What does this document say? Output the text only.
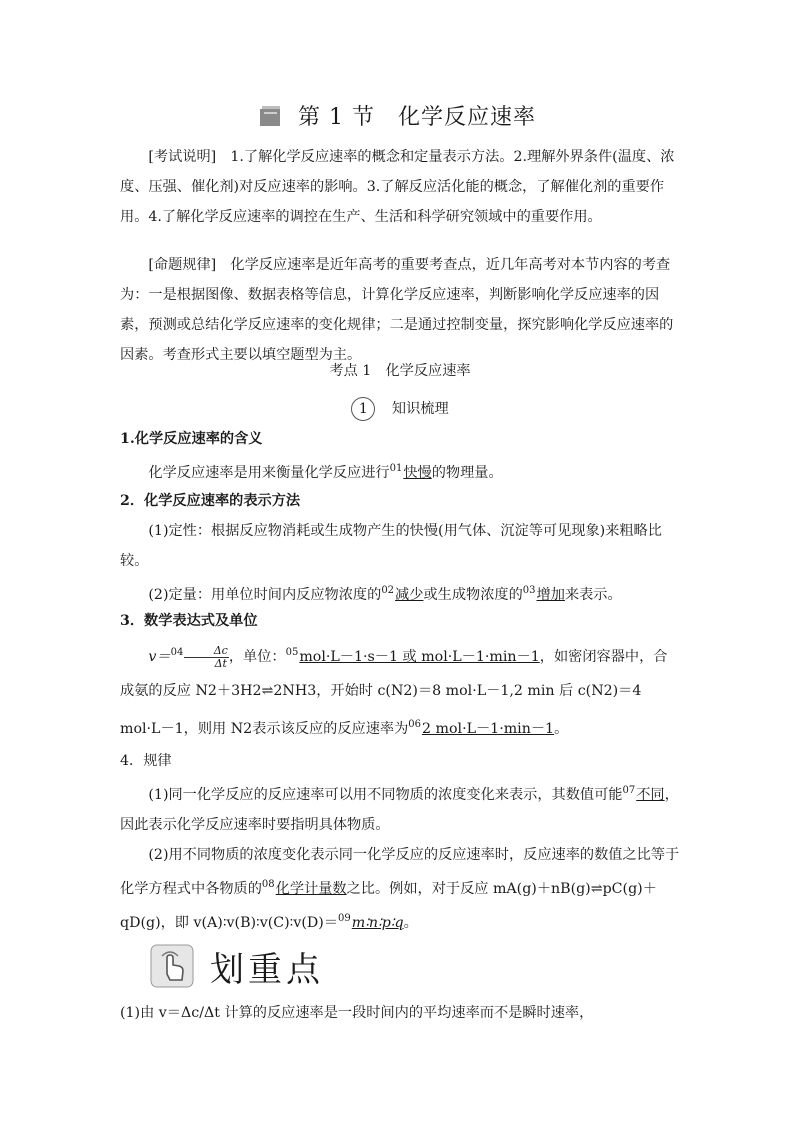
第 1 节　化学反应速率
[考试说明]　1.了解化学反应速率的概念和定量表示方法。2.理解外界条件(温度、浓度、压强、催化剂)对反应速率的影响。3.了解反应活化能的概念，了解催化剂的重要作用。4.了解化学反应速率的调控在生产、生活和科学研究领域中的重要作用。
[命题规律]　化学反应速率是近年高考的重要考查点，近几年高考对本节内容的考查为：一是根据图像、数据表格等信息，计算化学反应速率，判断影响化学反应速率的因素，预测或总结化学反应速率的变化规律；二是通过控制变量，探究影响化学反应速率的因素。考查形式主要以填空题型为主。
考点 1　化学反应速率
1 知识梳理
1.化学反应速率的含义
化学反应速率是用来衡量化学反应进行$^{01}$快慢的物理量。
2．化学反应速率的表示方法
(1)定性：根据反应物消耗或生成物产生的快慢(用气体、沉淀等可见现象)来粗略比较。
(2)定量：用单位时间内反应物浓度的$^{02}$减少或生成物浓度的$^{03}$增加来表示。
3．数学表达式及单位
$v=^{04} \frac{\Delta c}{\Delta t}$ ，单位：$^{05}$mol·L－1·s－1 或 mol·L－1·min－1，如密闭容器中，合成氨的反应 N2＋3H2⇌2NH3，开始时 c(N2)＝8 mol·L－1,2 min 后 c(N2)＝4 mol·L－1，则用 N2表示该反应的反应速率为$^{06}$2 mol·L－1·min－1。
4．规律
(1)同一化学反应的反应速率可以用不同物质的浓度变化来表示，其数值可能$^{07}$不同，因此表示化学反应速率时要指明具体物质。
(2)用不同物质的浓度变化表示同一化学反应的反应速率时，反应速率的数值之比等于化学方程式中各物质的$^{08}$化学计量数之比。例如，对于反应 mA(g)＋nB(g)⇌pC(g)＋qD(g)，即 v(A)∶v(B)∶v(C)∶v(D)＝$^{09}$m∶n∶p∶q。
划重点
(1)由 v＝Δc/Δt 计算的反应速率是一段时间内的平均速率而不是瞬时速率，
